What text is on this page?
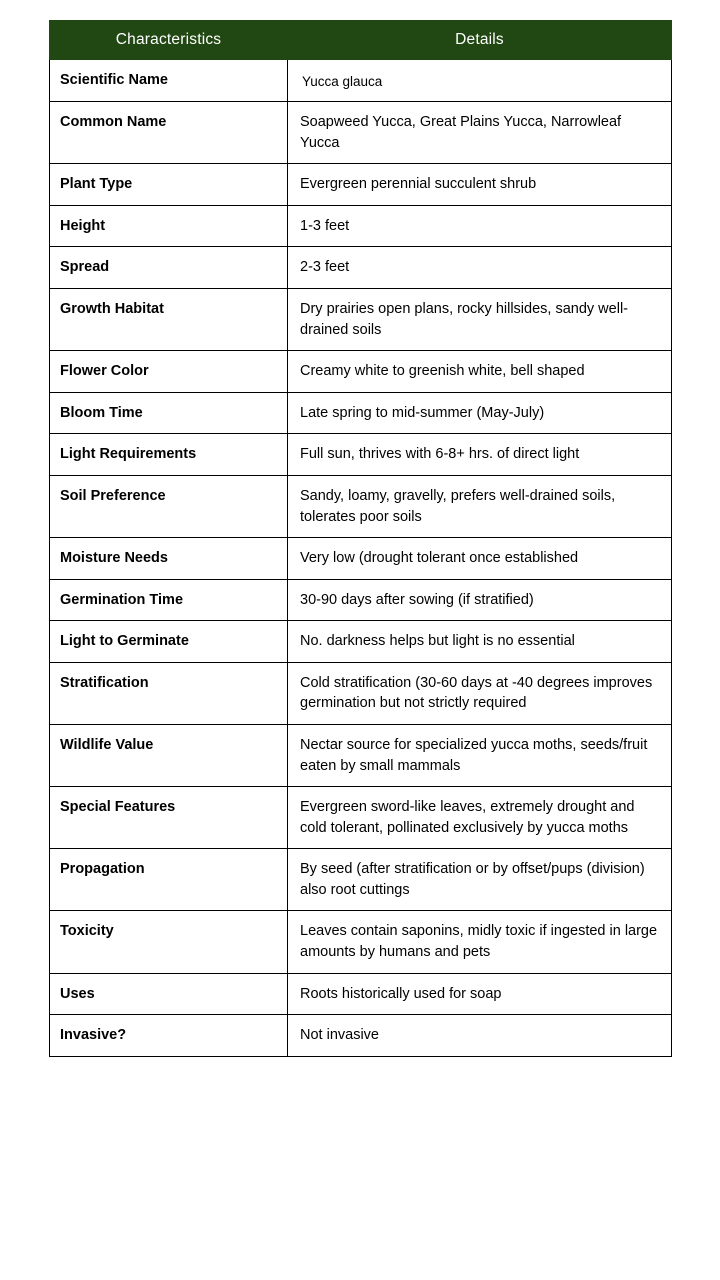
Characteristics	Details
Scientific Name	Yucca glauca
Common Name	Soapweed Yucca, Great Plains Yucca, Narrowleaf Yucca
Plant Type	Evergreen perennial succulent shrub
Height	1-3 feet
Spread	2-3 feet
Growth Habitat	Dry prairies open plans, rocky hillsides, sandy well-drained soils
Flower Color	Creamy white to greenish white, bell shaped
Bloom Time	Late spring to mid-summer (May-July)
Light Requirements	Full sun, thrives with 6-8+ hrs. of direct light
Soil Preference	Sandy, loamy, gravelly, prefers well-drained soils, tolerates poor soils
Moisture Needs	Very low (drought tolerant once established
Germination Time	30-90 days after sowing (if stratified)
Light to Germinate	No. darkness helps but light is no essential
Stratification	Cold stratification (30-60 days at -40 degrees improves germination but not strictly required
Wildlife Value	Nectar source for specialized yucca moths, seeds/fruit eaten by small mammals
Special Features	Evergreen sword-like leaves, extremely drought and cold tolerant, pollinated exclusively by yucca moths
Propagation	By seed (after stratification or by offset/pups (division) also root cuttings
Toxicity	Leaves contain saponins, midly toxic if ingested in large amounts by humans and pets
Uses	Roots historically used for soap
Invasive?	Not invasive
